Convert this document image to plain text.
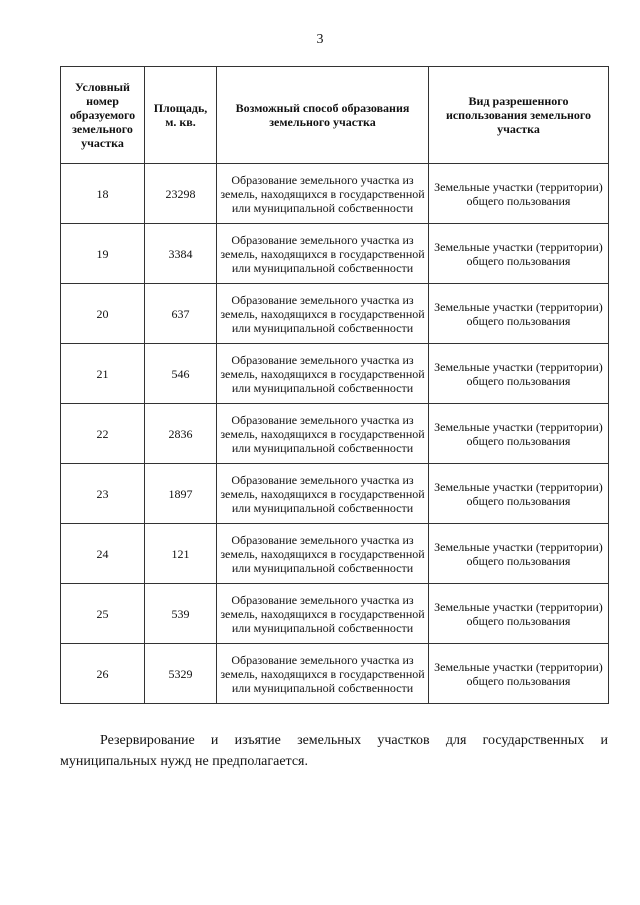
3
Условный номер образуемого земельного участка	Площадь, м. кв.	Возможный способ образования земельного участка	Вид разрешенного использования земельного участка
18	23298	Образование земельного участка из земель, находящихся в государственной или муниципальной собственности	Земельные участки (территории) общего пользования
19	3384	Образование земельного участка из земель, находящихся в государственной или муниципальной собственности	Земельные участки (территории) общего пользования
20	637	Образование земельного участка из земель, находящихся в государственной или муниципальной собственности	Земельные участки (территории) общего пользования
21	546	Образование земельного участка из земель, находящихся в государственной или муниципальной собственности	Земельные участки (территории) общего пользования
22	2836	Образование земельного участка из земель, находящихся в государственной или муниципальной собственности	Земельные участки (территории) общего пользования
23	1897	Образование земельного участка из земель, находящихся в государственной или муниципальной собственности	Земельные участки (территории) общего пользования
24	121	Образование земельного участка из земель, находящихся в государственной или муниципальной собственности	Земельные участки (территории) общего пользования
25	539	Образование земельного участка из земель, находящихся в государственной или муниципальной собственности	Земельные участки (территории) общего пользования
26	5329	Образование земельного участка из земель, находящихся в государственной или муниципальной собственности	Земельные участки (территории) общего пользования

Резервирование и изъятие земельных участков для государственных и муниципальных нужд не предполагается.
